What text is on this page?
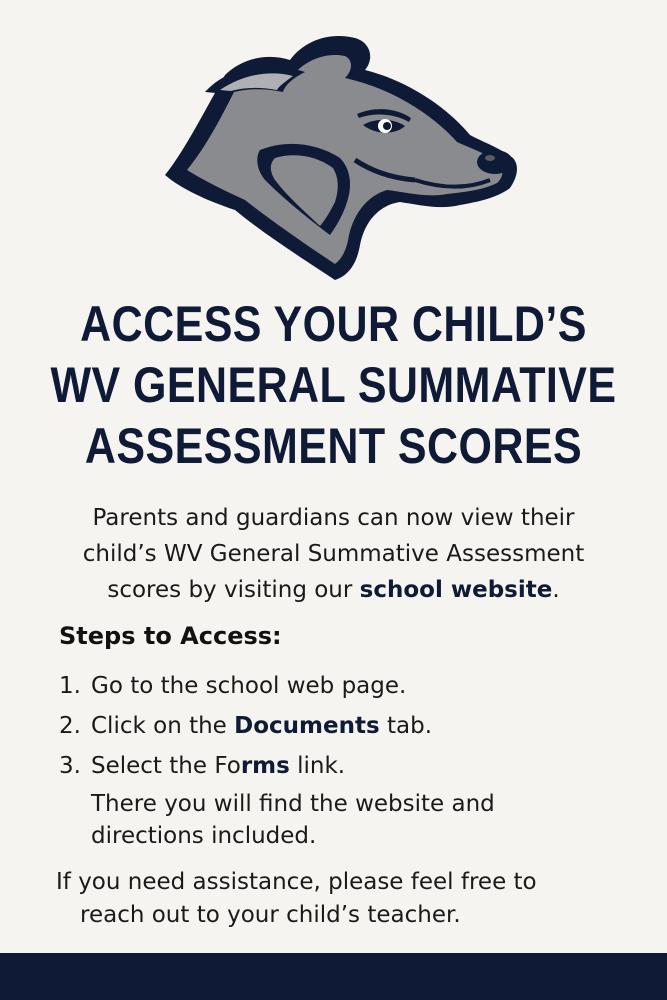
ACCESS YOUR CHILD’S
WV GENERAL SUMMATIVE
ASSESSMENT SCORES
Parents and guardians can now view their
child’s WV General Summative Assessment
scores by visiting our school website.
Steps to Access:
1. Go to the school web page.
2. Click on the Documents tab.
3. Select the Forms link.
There you will find the website and
directions included.
If you need assistance, please feel free to
reach out to your child’s teacher.
